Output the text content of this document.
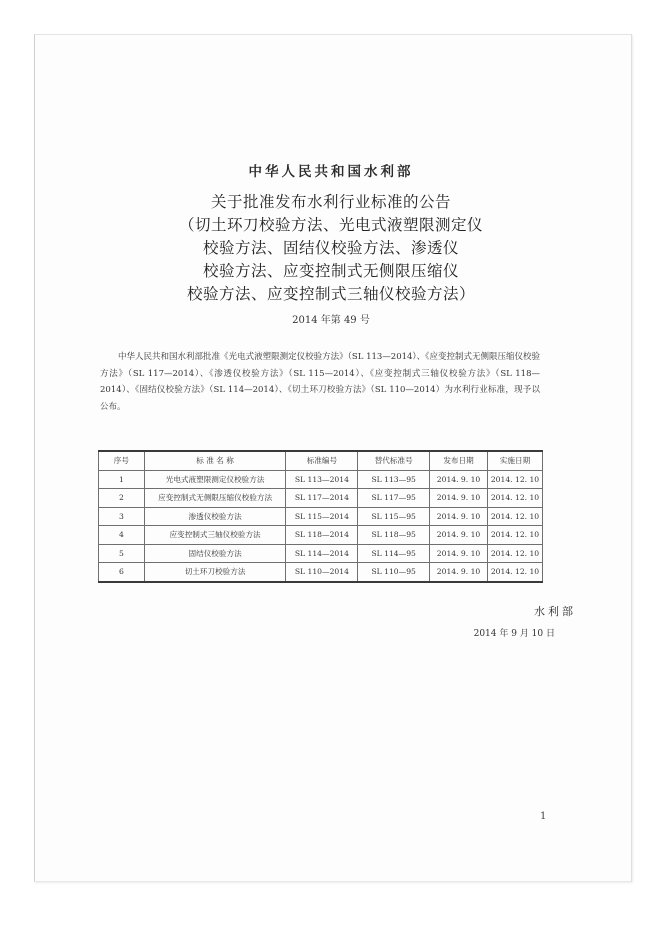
中华人民共和国水利部
关于批准发布水利行业标准的公告
（切土环刀校验方法、光电式液塑限测定仪
校验方法、固结仪校验方法、渗透仪
校验方法、应变控制式无侧限压缩仪
校验方法、应变控制式三轴仪校验方法）
2014 年第 49 号

中华人民共和国水利部批准《光电式液塑限测定仪校验方法》（SL 113—2014）、《应变控制式无侧限压缩仪校验方法》（SL 117—2014）、《渗透仪校验方法》（SL 115—2014）、《应变控制式三轴仪校验方法》（SL 118—2014）、《固结仪校验方法》（SL 114—2014）、《切土环刀校验方法》（SL 110—2014）为水利行业标准，现予以公布。

序号	标 准 名 称	标准编号	替代标准号	发布日期	实施日期
1	光电式液塑限测定仪校验方法	SL 113—2014	SL 113—95	2014. 9. 10	2014. 12. 10
2	应变控制式无侧限压缩仪校验方法	SL 117—2014	SL 117—95	2014. 9. 10	2014. 12. 10
3	渗透仪校验方法	SL 115—2014	SL 115—95	2014. 9. 10	2014. 12. 10
4	应变控制式三轴仪校验方法	SL 118—2014	SL 118—95	2014. 9. 10	2014. 12. 10
5	固结仪校验方法	SL 114—2014	SL 114—95	2014. 9. 10	2014. 12. 10
6	切土环刀校验方法	SL 110—2014	SL 110—95	2014. 9. 10	2014. 12. 10
水利部
2014 年 9 月 10 日
1
